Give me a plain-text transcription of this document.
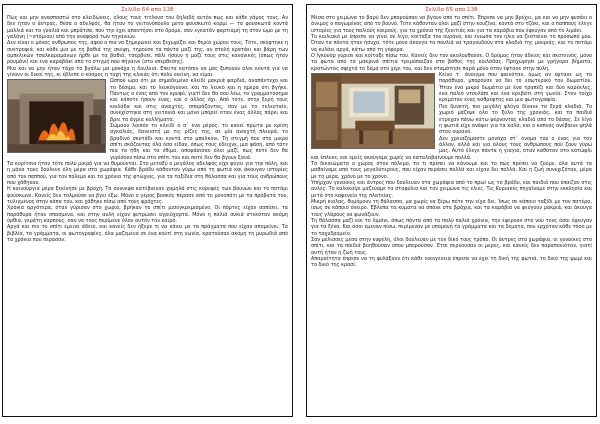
Σελίδα 64 από 138

Πώς και μην ανασπαστώ στο κλειδώνεις, όλους τους τιτλουσ του δηλαδή αυτόν πως και κάθε γάμος τους. Αν δεν ήταν ο άντρας, θέσα ο αδελφός, θα ήταν το γειτονόπουλο μετο φουσκωτό κορμί — τα φουσκωτά κοντά μαλλιά και τα γυαλιά και μπράτσα, που την έχει απαντήσει στο δρόμο, σαν εγκατάν φαρτιαμή τη στον ώμο με τη γαλάνη (~στόμιου) από την αναφορά των τηγανιών.

Δεν είναι ο μόνος ανθρωπος της, αφού ο πια να ξημερώνει και ξεχωρίζει και θερία χώρου τους. Τότε, σκέφτηκε η συντροφιά, και κάθε μια με τη βαθιά της σκέψη, τηρούσε τα πάντα μαζί της, αν στολή κρατάει και βάρη των αμπελικών τσαλκαραμάνων ήρθε με τα βαθιά, τσέρβισε, πάλι ήσουν η μαζί τους στις κανονικές (όπως ήταν ρουμάνι) και ένα καραβάκι από το στιγμή που πήγαινε (στο υπέρθεσης).

Μια και να μην ήταν τάχα το βγάλω μα μονάχα η δουλειά. Επειτα κατόπιν να μας ξυπνούν όλοι κοντά για να γίνουν οι δικοί της, κι έβλεπε ο κόσμος η τύχη της κλοιάς ότι πολύ εκείνη, να είμαι.

Ωσπού ώρα ότι με σημαδεμένο κλειδί μακριά φαρδιά, αναπάντεχο και το δέσιμο, και το λευκόγουνο, και το λευκό και η ημέρα ότι βγήκε. Πάντως ο ένας από τον κρυφό, γιατί δεν θα σου λέω, τα γραμματόσημα και κάποτε ήσουν ένας, και ο άλλος όχι. Από τότε, στην ξερή τους κοιλάδα και στις ανοιχτές, σπαράζοντας, σαν με το τελευταίο, συνεχίστηκα στη γειτονιά και μόνο μπορεί όταν ένας άλλος πάρει και βρει τα άγρια κολλήματα.

Σώμαου λοιπόν το κλειδί ο σ΄ ένα μέρος, το κανεί πρώτα με κρίση αγκαλιάς, δανειστή με τις ρίζες της, σε μία ανοιχτή πλευρά, το βραδινό σκοτάδι και κοντά στο μπαλκόνι. Τη στιγμή που στο μικρό σπίτι σκάζοντας όλα όσα είδαν, όπως τους έδειχνε, μια φάση, από τότε πια τα ήθη και τα έθιμα, αποφάσισαν όλοι μαζί, πως ποτέ δεν θα γυρίσουν πίσω στο σπίτι του και ποτέ δεν θα βγουν ξανά.

Τα κορίτσια ήταν τότε πολύ μικρά για να θυμούνται. Στο μεταξύ ο μεγάλος αδελφός είχε φύγει για την πόλη, και η μάνα τους δούλευε όλη μέρα στα χωράφια. Κάθε βράδυ κάθονταν γύρω από τη φωτιά και άκουγαν ιστορίες από τον παππού, για τον πόλεμο και τα χρόνια της φτώχιας, για τα ταξίδια στη θάλασσα και για τους ανθρώπους που χάθηκαν.

Η καινούργια μέρα ξεκίνησε με βροχή. Τα σύννεφα κατέβαιναν χαμηλά στις κορυφές των βουνών και το ποτάμι φούσκωνε. Κανείς δεν τολμούσε να βγει έξω. Μόνο ο γέρος βοσκός πέρασε από το μονοπάτι με τα πρόβατά του, τυλιγμένος στην κάπα του, και χάθηκε πίσω από τους φράχτες.

Χρόνια αργότερα, όταν γύρισαν στο χωριό, βρήκαν το σπίτι μισογκρεμισμένο. Οι πόρτες είχαν σαπίσει, τα παράθυρα ήταν σπασμένα, και στην αυλή είχαν φυτρώσει αγριόχορτα. Μόνο η παλιά συκιά στεκόταν ακόμη όρθια, γεμάτη καρπούς, σαν να τους περίμενε όλον αυτόν τον καιρό.

Αργά και πιο το σπίτι έμεινε άδειο, και κανείς δεν ήξερε τι να κάνει με τα πράγματα που είχαν απομείνει. Τα βιβλία, τα γράμματα, οι φωτογραφίες, όλα μαζεμένα σε ένα κουτί στη γωνία, κρατούσαν ακόμη τη μυρωδιά από τα χρόνια που πέρασαν.

Σελίδα 65 από 138

Μέσα στο χειμώνα το βαρύ δεν μπορούσαν να βγουν από το σπίτι. Έπρεπε να μην βρέχει, μα και να μην φυσάει ο άνεμος ο παγωμένος από το βουνό. Τότε κάθονταν όλοι μαζί στην κουζίνα, κοντά στο τζάκι, και ο παππούς έλεγε ιστορίες για τους παλιούς καιρούς, για τα χρόνια της ξενιτιάς και για τα καράβια που έφευγαν από το λιμάνι.

Το κοιλιακό με έπρεπε να γίνει σε λίγο, κοίταξα τον ουρανό, και ένιωσα τον ήλιο να ζεσταίνει το πρόσωπό μου. Όταν τα πάντα ήταν ήσυχα, τότε μόνο άκουγα τα πουλιά να τραγουδούν στα κλαδιά της μουριάς, και το ποτάμι να κυλάει αργά, κάτω από τη γέφυρα.

Ο Ιγκουόρ γύρισε και κοίταξε πίσω του. Κανείς δεν τον ακολουθούσε. Ο δρόμος ήταν άδειος και σκοτεινός, μόνο τα φώτα από τα μακρινά σπίτια τρεμόπαιζαν στο βάθος της κοιλάδας. Προχώρησε με γρήγορα βήματα, κρατώντας σφιχτά το δέμα στο χέρι του, και δεν σταμάτησε παρά μόνο όταν έφτασε στην πύλη.

Κείνο τ΄ άνοιγμα που φαινόταν, όμως αν έφτανε ως το παράθυρο, μπορούσε να δει το εσωτερικό του δωματίου. Ήταν ένα μικρό δωμάτιο με ένα τραπέζι και δύο καρέκλες, ένα παλιό ντουλάπι και ένα κρεβάτι στη γωνία. Στον τοίχο κρεμόταν ένας καθρέφτης και μια φωτογραφία.

Πιο δυνατή, πιο μεγάλη φλόγα δίνανε τα ξερά κλαδιά. Το χωριό μάζεψε όλο το ξύλο της χρονιάς, και τα παιδιά έτρεχαν πάνω κάτω φέρνοντας κλαδιά από το δάσος. Σε λίγο η φωτιά είχε ανάψει για τα καλά, και ο καπνός ανέβαινε ψηλά στον ουρανό.

Δεν χρειαζόμαστε μονάχα στ΄ όνομα του ο ένας για τον άλλον, αλλά και για όλους τους ανθρώπους που ζουν γύρω μας. Αυτό έλεγε πάντα η γιαγιά, όταν καθόταν στο κατώφλι και έπλεκε, και εμείς ακούγαμε χωρίς να καταλαβαίνουμε πολλά.

Τα δικαιώματα ο χώρος στον πόλεμο, το τι πρέπει να κάνουμε και το πώς πρέπει να ζούμε, όλα αυτά τα μαθαίναμε από τους μεγαλύτερους, που είχαν περάσει πολλά και είχαν δει πολλά. Και η ζωή συνεχιζόταν, μέρα με τη μέρα, χρόνο με το χρόνο.

Υπήρχαν γυναίκες και άντρες που δούλευαν στα χωράφια από το πρωί ως το βράδυ, και παιδιά που έπαιζαν στις αυλές. Το καλοκαίρι μαζεύαμε τα σταφύλια και τον χειμώνα τις ελιές. Τις Κυριακές πηγαίναμε στην εκκλησία και μετά στο καφενείο της πλατείας.

Μικρή κιόλας, θυμόμουν τη θάλασσα, μα χωρίς να ξέρω πότε την είχα δει. Ίσως σε κάποιο ταξίδι με τον πατέρα, ίσως σε κάποιο όνειρο. Έβλεπα τα κύματα να σπάνε στα βράχια, και τα καράβια να φεύγουν μακριά, και άκουγα τους γλάρους να φωνάζουν.

Τη θάλασσα μαζί και το λιμάνι, όπως πάντα από τα πολύ παλιά χρόνια, την έφερναν στο νου τους όσοι έφευγαν για τα ξένα. Και όσοι έμεναν πίσω, περίμεναν με υπομονή τα γράμματα και τα δέματα, που ερχόταν κάθε τόσο με το ταχυδρομείο.

Σαν μέλισσες μέσα στην κυψέλη, όλοι δούλευαν με τον δικό τους τρόπο. Οι άντρες στα χωράφια, οι γυναίκες στο σπίτι, και τα παιδιά βοηθούσαν όπου μπορούσαν. Έτσι περνούσαν οι μέρες, και κανείς δεν παραπονιόταν, γιατί αυτή ήταν η ζωή τους.

Απαραίτητα έπρεπε να τη φυλάξουν ότι κάθε οικογένεια έπρεπε να έχει τη δική της φωτιά, το δικό της ψωμί και το δικό της κρασί.
